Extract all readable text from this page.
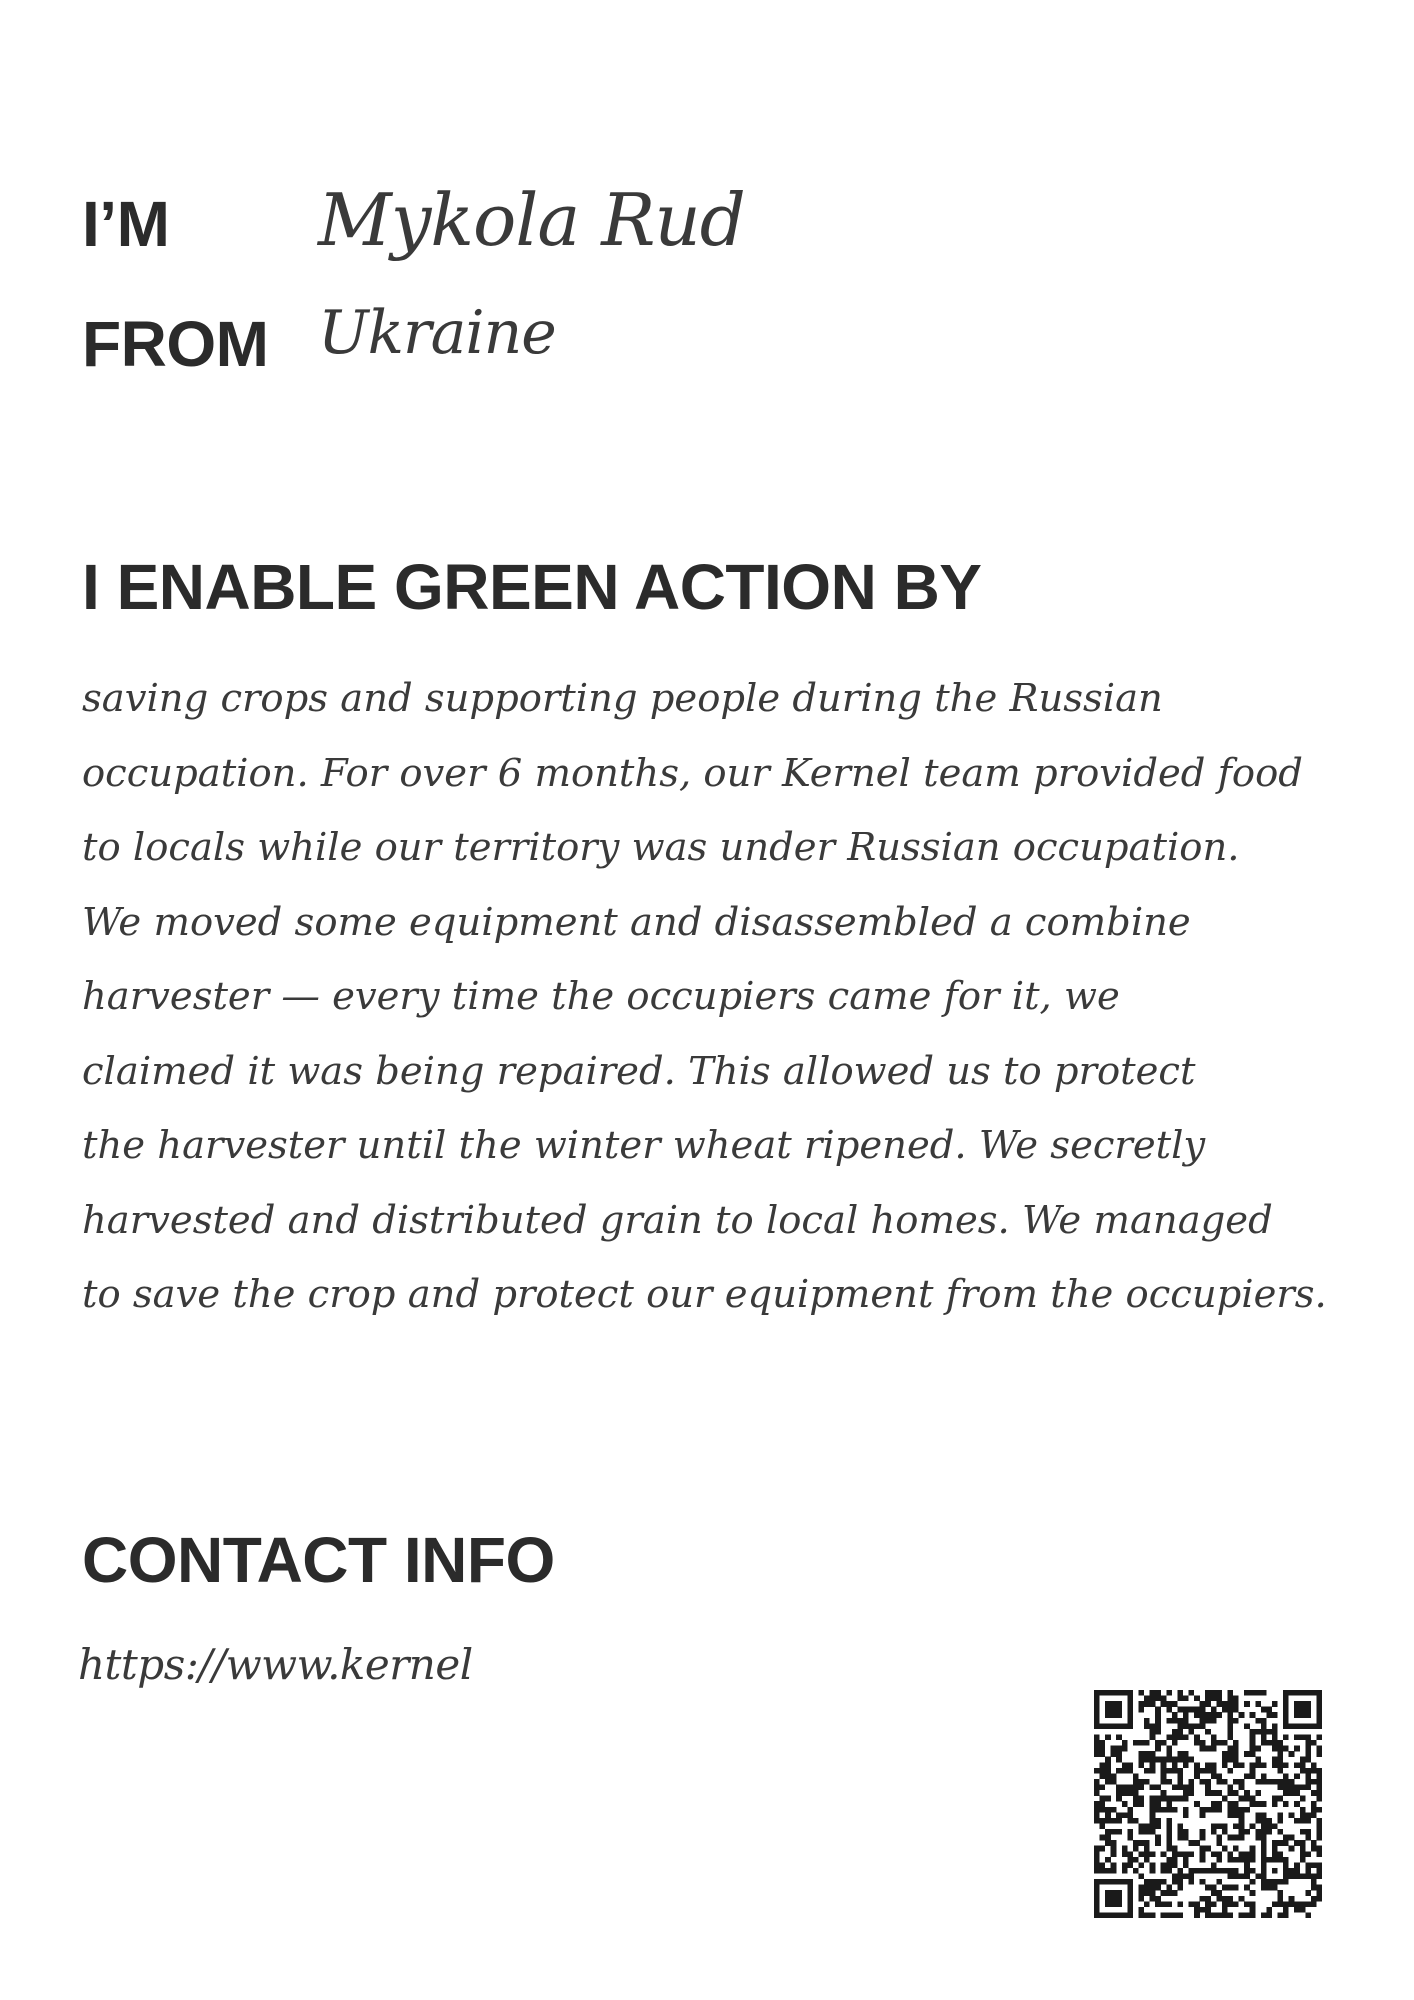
I’M Mykola Rud
FROM Ukraine
I ENABLE GREEN ACTION BY
saving crops and supporting people during the Russian
occupation. For over 6 months, our Kernel team provided food
to locals while our territory was under Russian occupation.
We moved some equipment and disassembled a combine
harvester — every time the occupiers came for it, we
claimed it was being repaired. This allowed us to protect
the harvester until the winter wheat ripened. We secretly
harvested and distributed grain to local homes. We managed
to save the crop and protect our equipment from the occupiers.
CONTACT INFO
https://www.kernel
